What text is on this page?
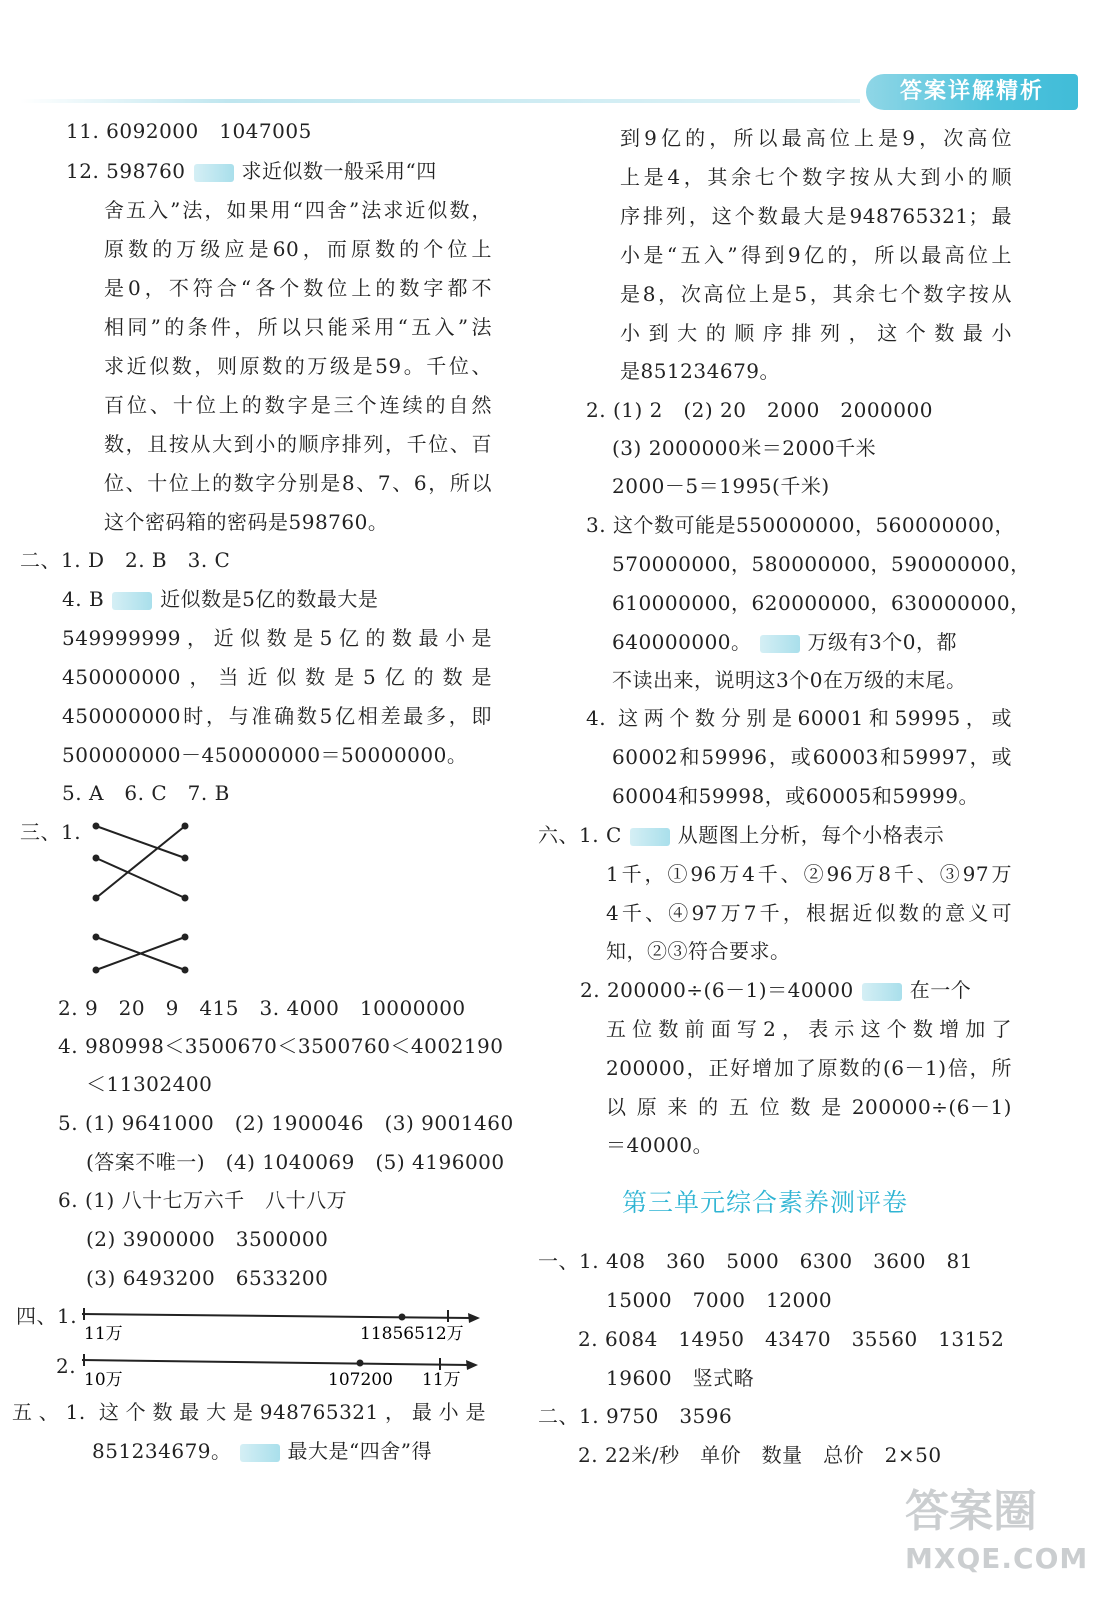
答案详解精析
11. 6092000　1047005
12. 598760	求近似数一般采用“四
舍五入”法，如果用“四舍”法求近似数，
原数的万级应是60，而原数的个位上
是0，不符合“各个数位上的数字都不
相同”的条件，所以只能采用“五入”法
求近似数，则原数的万级是59。千位、
百位、十位上的数字是三个连续的自然
数，且按从大到小的顺序排列，千位、百
位、十位上的数字分别是8、7、6，所以
这个密码箱的密码是598760。
二、1. D　2. B　3. C
4. B	近似数是5亿的数最大是
549999999，近似数是5亿的数最小是
450000000，当近似数是5亿的数是
450000000时，与准确数5亿相差最多，即
500000000－450000000＝50000000。
5. A　6. C　7. B
三、1.
2. 9　20　9　415　3. 4000　10000000
4. 980998＜3500670＜3500760＜4002190
＜11302400
5. (1) 9641000　(2) 1900046　(3) 9001460
(答案不唯一)　(4) 1040069　(5) 4196000
6. (1) 八十七万六千　八十八万
(2) 3900000　3500000
(3) 6493200　6533200
四、1.
11万	118565 12万
2.
10万	107200 11万
五、1. 这个数最大是948765321，最小是
851234679。	最大是“四舍”得
到9亿的，所以最高位上是9，次高位
上是4，其余七个数字按从大到小的顺
序排列，这个数最大是948765321；最
小是“五入”得到9亿的，所以最高位上
是8，次高位上是5，其余七个数字按从
小到大的顺序排列，这个数最小
是851234679。
2. (1) 2　(2) 20　2000　2000000
(3) 2000000米＝2000千米
2000－5＝1995(千米)
3. 这个数可能是550000000，560000000，
570000000，580000000，590000000，
610000000，620000000，630000000，
640000000。	万级有3个0，都
不读出来，说明这3个0在万级的末尾。
4. 这两个数分别是60001和59995，或
60002和59996，或60003和59997，或
60004和59998，或60005和59999。
六、1. C	从题图上分析，每个小格表示
1千，①96万4千、②96万8千、③97万
4千、④97万7千，根据近似数的意义可
知，②③符合要求。
2. 200000÷(6－1)＝40000	在一个
五位数前面写2，表示这个数增加了
200000，正好增加了原数的(6－1)倍，所
以原来的五位数是200000÷(6－1)
＝40000。
第三单元综合素养测评卷
一、1. 408　360　5000　6300　3600　81
15000　7000　12000
2. 6084　14950　43470　35560　13152
19600　竖式略
二、1. 9750　3596
2. 22米/秒　单价　数量　总价　2×50
答案圈
MXQE.COM
